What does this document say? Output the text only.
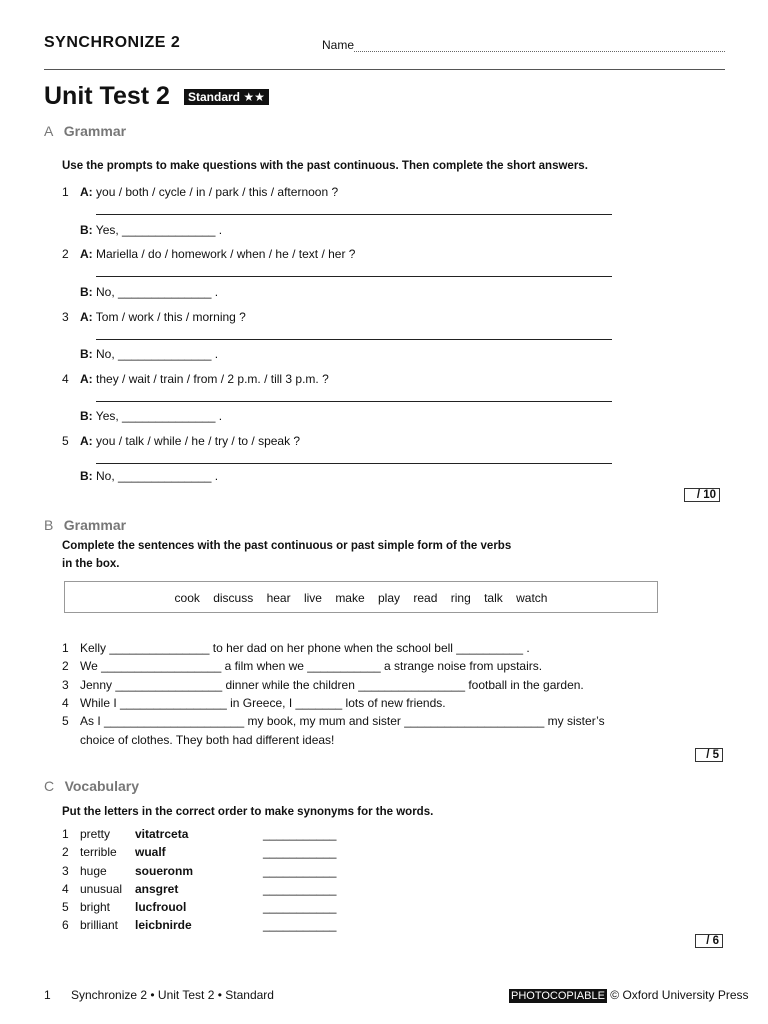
SYNCHRONIZE 2	Name
Unit Test 2	Standard ★★
A Grammar
Use the prompts to make questions with the past continuous. Then complete the short answers.
1 A: you / both / cycle / in / park / this / afternoon ?
B: Yes, ______________ .
2 A: Mariella / do / homework / when / he / text / her ?
B: No, ______________ .
3 A: Tom / work / this / morning ?
B: No, ______________ .
4 A: they / wait / train / from / 2 p.m. / till 3 p.m. ?
B: Yes, ______________ .
5 A: you / talk / while / he / try / to / speak ?
B: No, ______________ .
/ 10
B Grammar
Complete the sentences with the past continuous or past simple form of the verbs
in the box.
cook discuss hear live make play read ring talk watch
1 Kelly _______________ to her dad on her phone when the school bell __________ .
2 We __________________ a film when we ___________ a strange noise from upstairs.
3 Jenny ________________ dinner while the children ________________ football in the garden.
4 While I ________________ in Greece, I _______ lots of new friends.
5 As I _____________________ my book, my mum and sister _____________________ my sister’s
choice of clothes. They both had different ideas!
/ 5
C Vocabulary
Put the letters in the correct order to make synonyms for the words.
1 pretty vitatrceta	___________
2 terrible wualf	___________
3 huge soueronm	___________
4 unusual ansgret	___________
5 bright lucfrouol	___________
6 brilliant leicbnirde	___________
/ 6
1 Synchronize 2 • Unit Test 2 • Standard	PHOTOCOPIABLE © Oxford University Press
